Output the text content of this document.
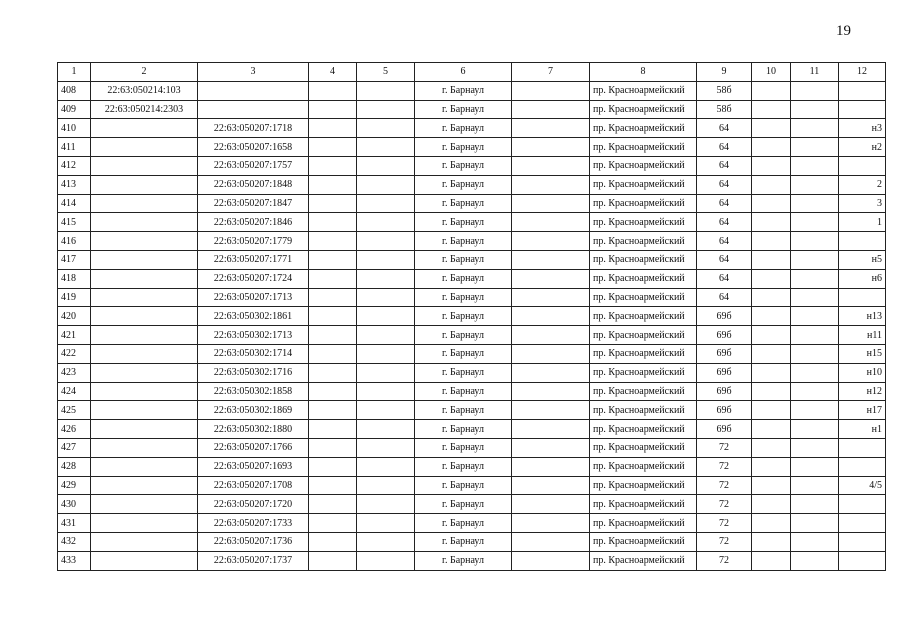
19
1	2	3	4	5	6	7	8	9	10	11	12
408	22:63:050214:103				г. Барнаул		пр. Красноармейский	58б			
409	22:63:050214:2303				г. Барнаул		пр. Красноармейский	58б			
410		22:63:050207:1718			г. Барнаул		пр. Красноармейский	64			н3
411		22:63:050207:1658			г. Барнаул		пр. Красноармейский	64			н2
412		22:63:050207:1757			г. Барнаул		пр. Красноармейский	64			
413		22:63:050207:1848			г. Барнаул		пр. Красноармейский	64			2
414		22:63:050207:1847			г. Барнаул		пр. Красноармейский	64			3
415		22:63:050207:1846			г. Барнаул		пр. Красноармейский	64			1
416		22:63:050207:1779			г. Барнаул		пр. Красноармейский	64			
417		22:63:050207:1771			г. Барнаул		пр. Красноармейский	64			н5
418		22:63:050207:1724			г. Барнаул		пр. Красноармейский	64			н6
419		22:63:050207:1713			г. Барнаул		пр. Красноармейский	64			
420		22:63:050302:1861			г. Барнаул		пр. Красноармейский	69б			н13
421		22:63:050302:1713			г. Барнаул		пр. Красноармейский	69б			н11
422		22:63:050302:1714			г. Барнаул		пр. Красноармейский	69б			н15
423		22:63:050302:1716			г. Барнаул		пр. Красноармейский	69б			н10
424		22:63:050302:1858			г. Барнаул		пр. Красноармейский	69б			н12
425		22:63:050302:1869			г. Барнаул		пр. Красноармейский	69б			н17
426		22:63:050302:1880			г. Барнаул		пр. Красноармейский	69б			н1
427		22:63:050207:1766			г. Барнаул		пр. Красноармейский	72			
428		22:63:050207:1693			г. Барнаул		пр. Красноармейский	72			
429		22:63:050207:1708			г. Барнаул		пр. Красноармейский	72			4/5
430		22:63:050207:1720			г. Барнаул		пр. Красноармейский	72			
431		22:63:050207:1733			г. Барнаул		пр. Красноармейский	72			
432		22:63:050207:1736			г. Барнаул		пр. Красноармейский	72			
433		22:63:050207:1737			г. Барнаул		пр. Красноармейский	72			
